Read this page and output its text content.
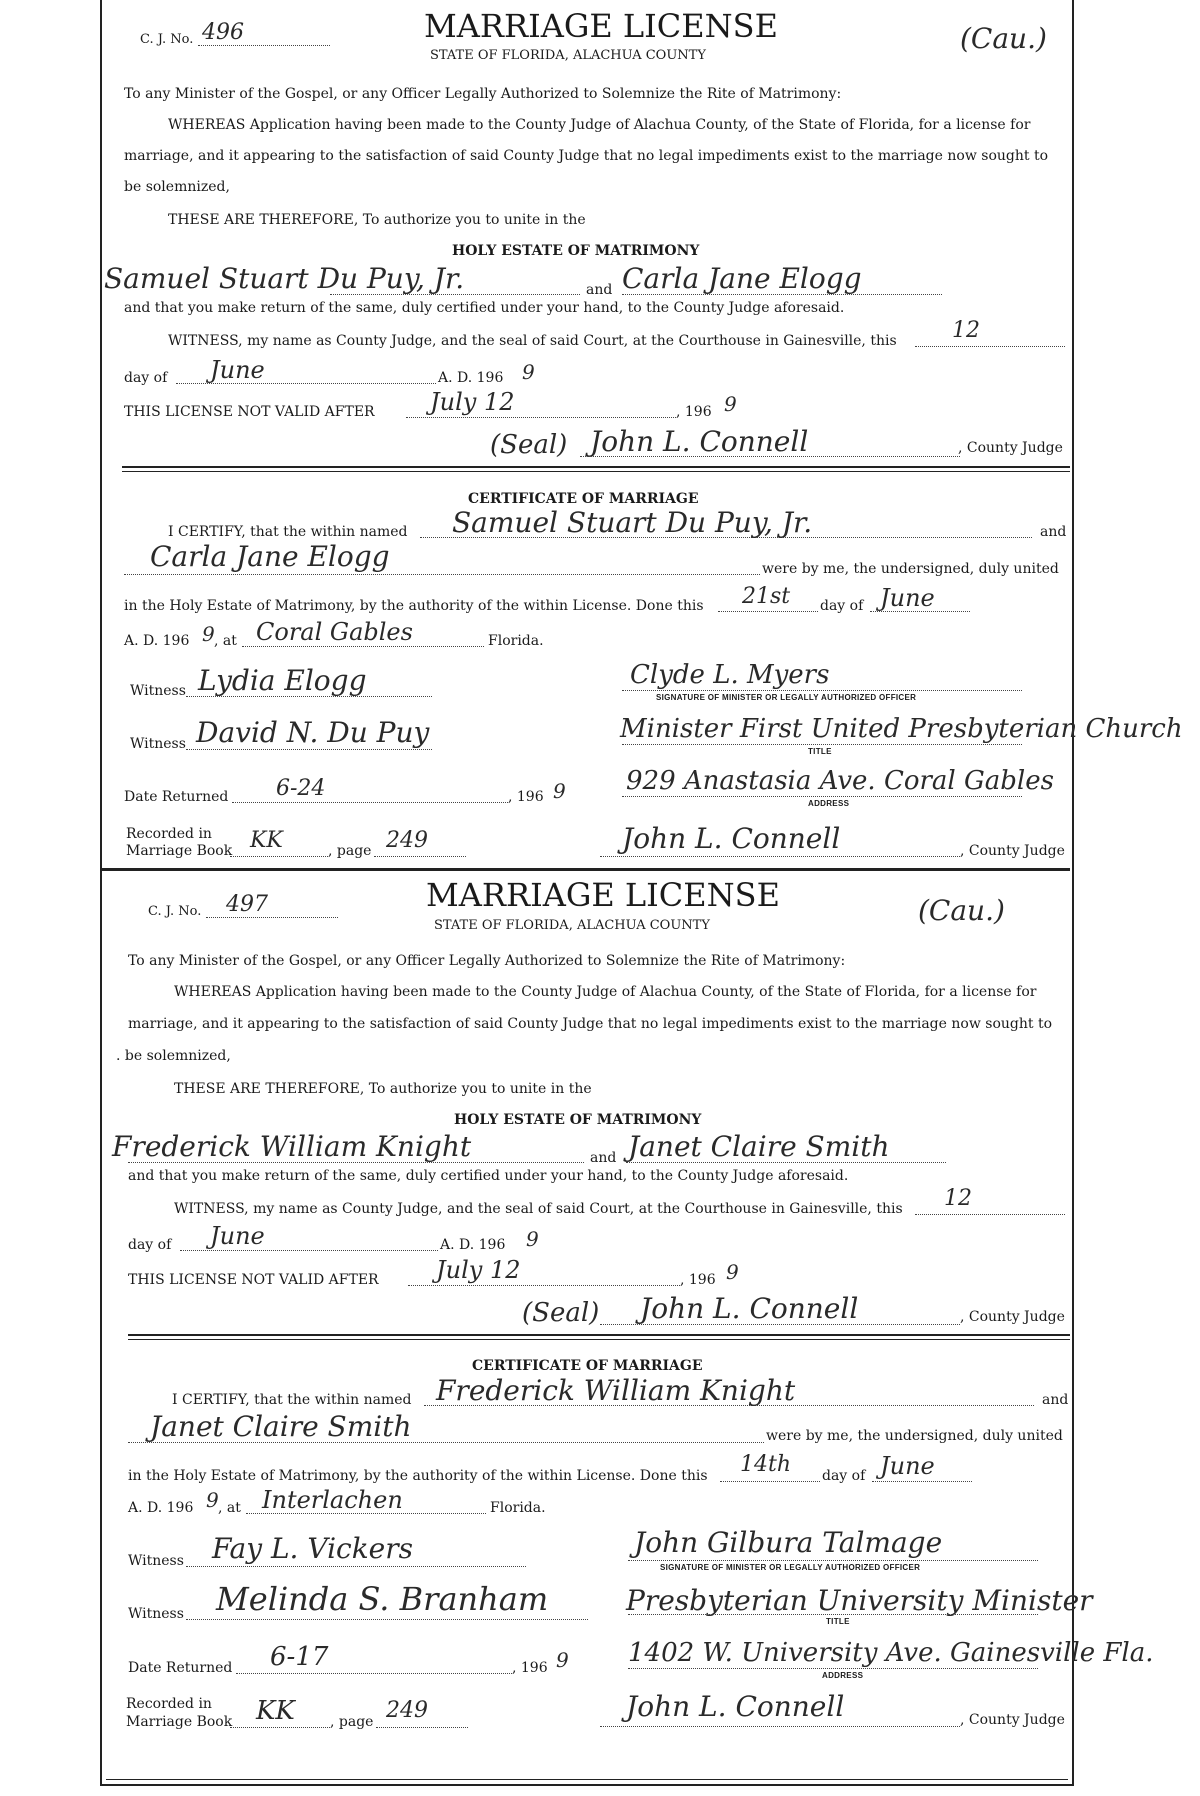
C. J. No. 496	MARRIAGE LICENSE
STATE OF FLORIDA, ALACHUA COUNTY
(Cau.)
To any Minister of the Gospel, or any Officer Legally Authorized to Solemnize the Rite of Matrimony:
WHEREAS Application having been made to the County Judge of Alachua County, of the State of Florida, for a license for
marriage, and it appearing to the satisfaction of said County Judge that no legal impediments exist to the marriage now sought to
be solemnized,
THESE ARE THEREFORE, To authorize you to unite in the
HOLY ESTATE OF MATRIMONY
Samuel Stuart Du Puy, Jr.	and Carla Jane Elogg
and that you make return of the same, duly certified under your hand, to the County Judge aforesaid.
WITNESS, my name as County Judge, and the seal of said Court, at the Courthouse in Gainesville, this	12
day of June	A. D. 196 9
THIS LICENSE NOT VALID AFTER July 12	, 196 9
(Seal) John L. Connell	, County Judge
CERTIFICATE OF MARRIAGE
I CERTIFY, that the within named Samuel Stuart Du Puy, Jr.	and
Carla Jane Elogg	were by me, the undersigned, duly united
in the Holy Estate of Matrimony, by the authority of the within License. Done this 21st day of June
A. D. 196 9 , at Coral Gables	Florida.
Witness Lydia Elogg	Clyde L. Myers
SIGNATURE OF MINISTER OR LEGALLY AUTHORIZED OFFICER
Witness David N. Du Puy	Minister First United Presbyterian Church
TITLE
Date Returned 6-24	, 196 9 929 Anastasia Ave. Coral Gables
ADDRESS
Recorded in
Marriage Book KK	, page 249	John L. Connell	, County Judge
C. J. No. 497	MARRIAGE LICENSE
STATE OF FLORIDA, ALACHUA COUNTY	(Cau.)
To any Minister of the Gospel, or any Officer Legally Authorized to Solemnize the Rite of Matrimony:
WHEREAS Application having been made to the County Judge of Alachua County, of the State of Florida, for a license for
marriage, and it appearing to the satisfaction of said County Judge that no legal impediments exist to the marriage now sought to
. be solemnized,
THESE ARE THEREFORE, To authorize you to unite in the
HOLY ESTATE OF MATRIMONY
Frederick William Knight	and Janet Claire Smith
and that you make return of the same, duly certified under your hand, to the County Judge aforesaid.
WITNESS, my name as County Judge, and the seal of said Court, at the Courthouse in Gainesville, this 12
day of June	A. D. 196 9
THIS LICENSE NOT VALID AFTER July 12	, 196 9
(Seal) John L. Connell	, County Judge
CERTIFICATE OF MARRIAGE
I CERTIFY, that the within named Frederick William Knight	and
Janet Claire Smith	were by me, the undersigned, duly united
in the Holy Estate of Matrimony, by the authority of the within License. Done this 14th day of June
A. D. 196 9 , at Interlachen	Florida.
Witness Fay L. Vickers	John Gilbura Talmage
SIGNATURE OF MINISTER OR LEGALLY AUTHORIZED OFFICER
Witness Melinda S. Branham	Presbyterian University Minister
TITLE
Date Returned 6-17	, 196 9 1402 W. University Ave. Gainesville Fla.
ADDRESS
Recorded in
Marriage Book KK	, page 249	John L. Connell	, County Judge
